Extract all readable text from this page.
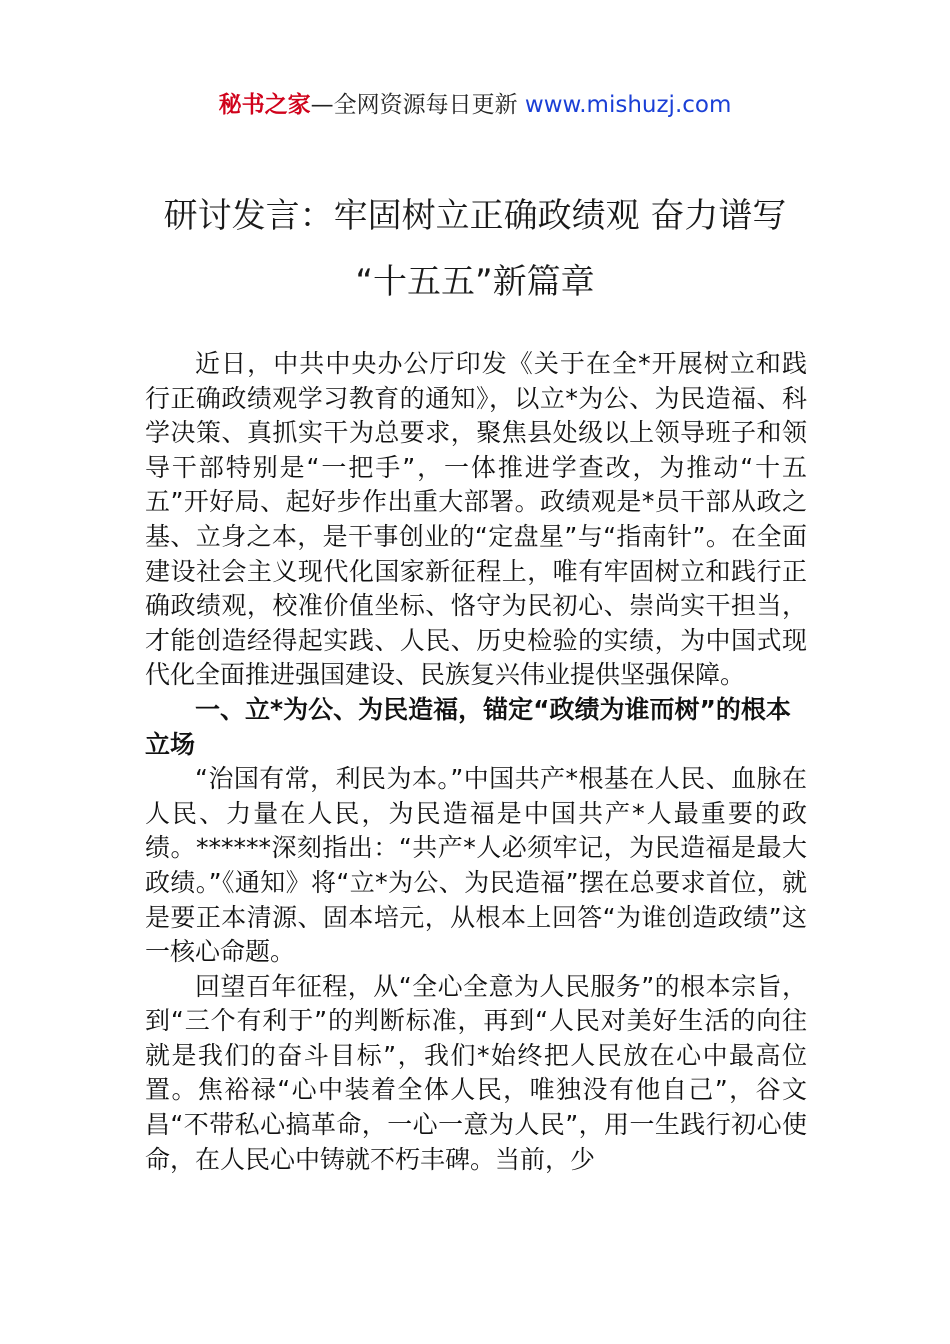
秘书之家—全网资源每日更新 www.mishuzj.com
研讨发言：牢固树立正确政绩观 奋力谱写
“十五五”新篇章

近日，中共中央办公厅印发《关于在全*开展树立和践行正确政绩观学习教育的通知》，以立*为公、为民造福、科学决策、真抓实干为总要求，聚焦县处级以上领导班子和领导干部特别是“一把手”，一体推进学查改，为推动“十五五”开好局、起好步作出重大部署。政绩观是*员干部从政之基、立身之本，是干事创业的“定盘星”与“指南针”。在全面建设社会主义现代化国家新征程上，唯有牢固树立和践行正确政绩观，校准价值坐标、恪守为民初心、崇尚实干担当，才能创造经得起实践、人民、历史检验的实绩，为中国式现代化全面推进强国建设、民族复兴伟业提供坚强保障。

一、立*为公、为民造福，锚定“政绩为谁而树”的根本立场

“治国有常，利民为本。”中国共产*根基在人民、血脉在人民、力量在人民，为民造福是中国共产*人最重要的政绩。******深刻指出：“共产*人必须牢记，为民造福是最大政绩。”《通知》将“立*为公、为民造福”摆在总要求首位，就是要正本清源、固本培元，从根本上回答“为谁创造政绩”这一核心命题。

回望百年征程，从“全心全意为人民服务”的根本宗旨，到“三个有利于”的判断标准，再到“人民对美好生活的向往就是我们的奋斗目标”，我们*始终把人民放在心中最高位置。焦裕禄“心中装着全体人民，唯独没有他自己”，谷文昌“不带私心搞革命，一心一意为人民”，用一生践行初心使命，在人民心中铸就不朽丰碑。当前，少
